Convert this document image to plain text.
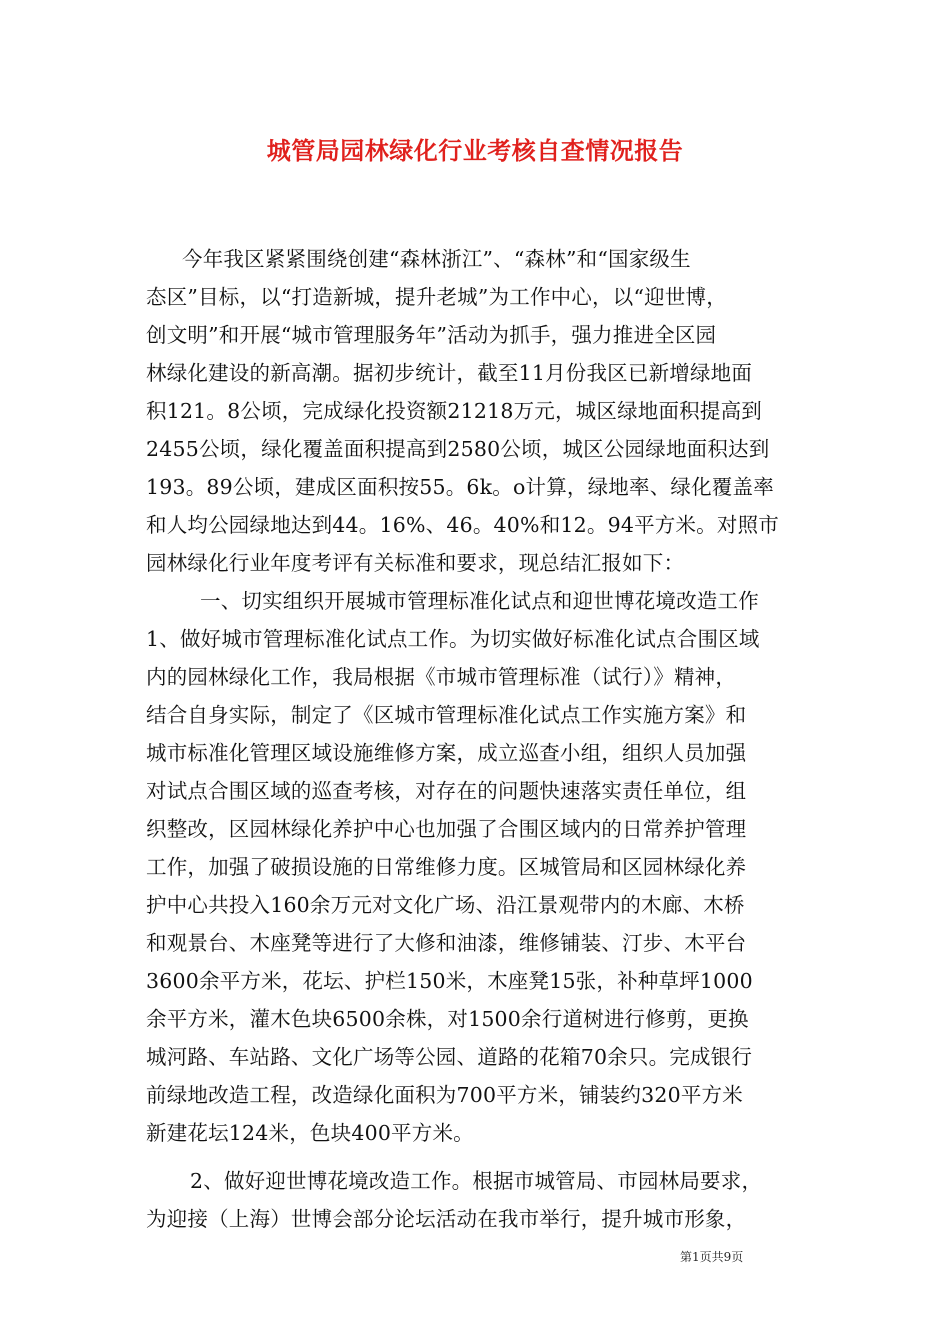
城管局园林绿化行业考核自查情况报告
今年我区紧紧围绕创建“森林浙江”、“森林”和“国家级生
态区”目标，以“打造新城，提升老城”为工作中心，以“迎世博，
创文明”和开展“城市管理服务年”活动为抓手，强力推进全区园
林绿化建设的新高潮。据初步统计，截至11月份我区已新增绿地面
积121。8公顷，完成绿化投资额21218万元，城区绿地面积提高到
2455公顷，绿化覆盖面积提高到2580公顷，城区公园绿地面积达到
193。89公顷，建成区面积按55。6k。o计算，绿地率、绿化覆盖率
和人均公园绿地达到44。16%、46。40%和12。94平方米。对照市
园林绿化行业年度考评有关标准和要求，现总结汇报如下：
一、切实组织开展城市管理标准化试点和迎世博花境改造工作
1、做好城市管理标准化试点工作。为切实做好标准化试点合围区域
内的园林绿化工作，我局根据《市城市管理标准（试行）》精神，
结合自身实际，制定了《区城市管理标准化试点工作实施方案》和
城市标准化管理区域设施维修方案，成立巡查小组，组织人员加强
对试点合围区域的巡查考核，对存在的问题快速落实责任单位，组
织整改，区园林绿化养护中心也加强了合围区域内的日常养护管理
工作，加强了破损设施的日常维修力度。区城管局和区园林绿化养
护中心共投入160余万元对文化广场、沿江景观带内的木廊、木桥
和观景台、木座凳等进行了大修和油漆，维修铺装、汀步、木平台
3600余平方米，花坛、护栏150米，木座凳15张，补种草坪1000
余平方米，灌木色块6500余株，对1500余行道树进行修剪，更换
城河路、车站路、文化广场等公园、道路的花箱70余只。完成银行
前绿地改造工程，改造绿化面积为700平方米，铺装约320平方米
新建花坛124米，色块400平方米。
2、做好迎世博花境改造工作。根据市城管局、市园林局要求，
为迎接（上海）世博会部分论坛活动在我市举行，提升城市形象，
第1页共9页
